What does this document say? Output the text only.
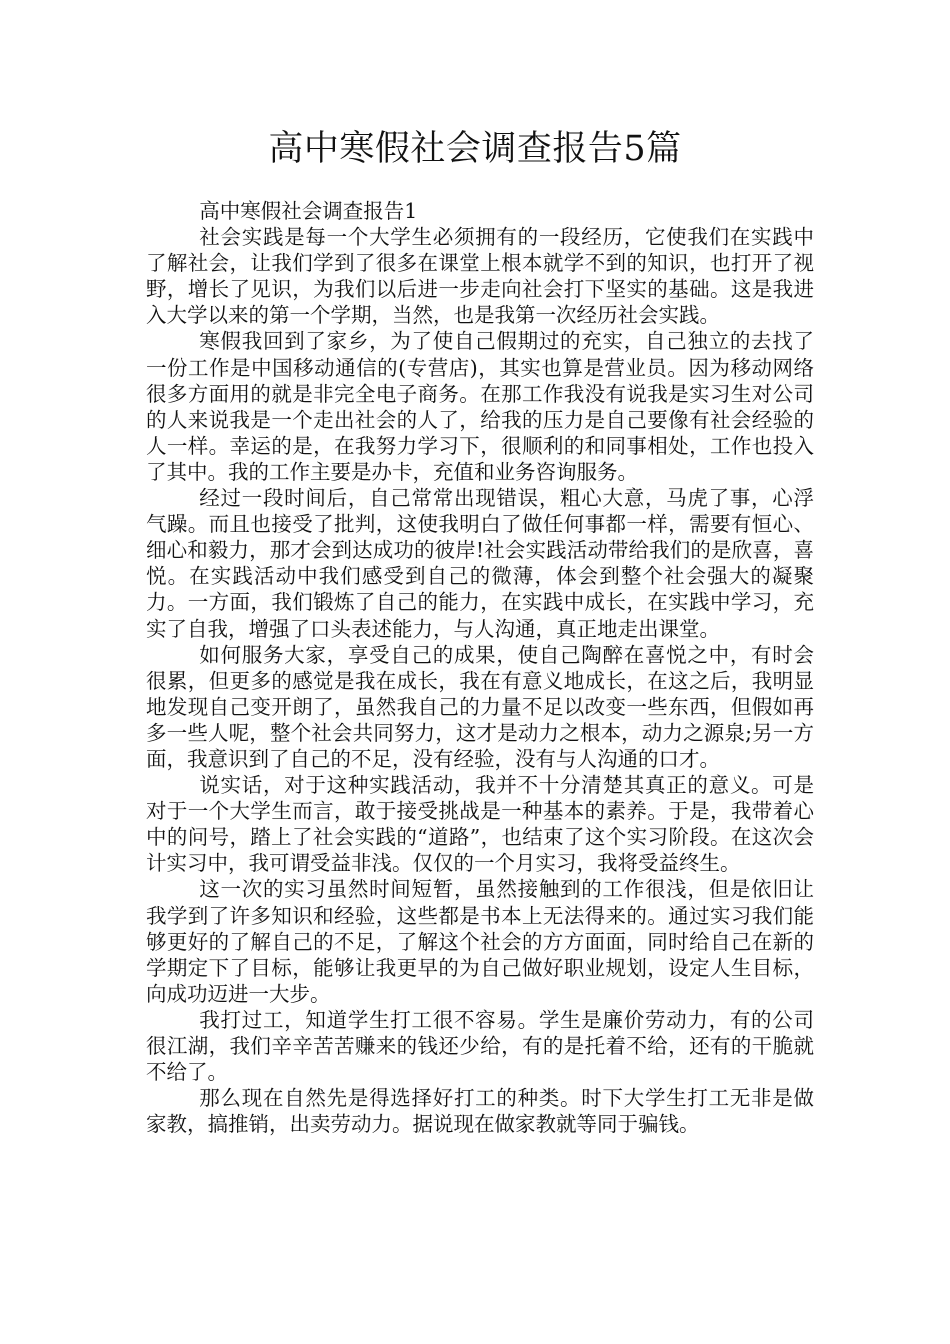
高中寒假社会调查报告5篇

高中寒假社会调查报告1

社会实践是每一个大学生必须拥有的一段经历，它使我们在实践中了解社会，让我们学到了很多在课堂上根本就学不到的知识，也打开了视野，增长了见识，为我们以后进一步走向社会打下坚实的基础。这是我进入大学以来的第一个学期，当然，也是我第一次经历社会实践。

寒假我回到了家乡，为了使自己假期过的充实，自己独立的去找了一份工作是中国移动通信的(专营店)，其实也算是营业员。因为移动网络很多方面用的就是非完全电子商务。在那工作我没有说我是实习生对公司的人来说我是一个走出社会的人了，给我的压力是自己要像有社会经验的人一样。幸运的是，在我努力学习下，很顺利的和同事相处，工作也投入了其中。我的工作主要是办卡，充值和业务咨询服务。

经过一段时间后，自己常常出现错误，粗心大意，马虎了事，心浮气躁。而且也接受了批判，这使我明白了做任何事都一样，需要有恒心、细心和毅力，那才会到达成功的彼岸!社会实践活动带给我们的是欣喜，喜悦。在实践活动中我们感受到自己的微薄，体会到整个社会强大的凝聚力。一方面，我们锻炼了自己的能力，在实践中成长，在实践中学习，充实了自我，增强了口头表述能力，与人沟通，真正地走出课堂。

如何服务大家，享受自己的成果，使自己陶醉在喜悦之中，有时会很累，但更多的感觉是我在成长，我在有意义地成长，在这之后，我明显地发现自己变开朗了，虽然我自己的力量不足以改变一些东西，但假如再多一些人呢，整个社会共同努力，这才是动力之根本，动力之源泉;另一方面，我意识到了自己的不足，没有经验，没有与人沟通的口才。

说实话，对于这种实践活动，我并不十分清楚其真正的意义。可是对于一个大学生而言，敢于接受挑战是一种基本的素养。于是，我带着心中的问号，踏上了社会实践的“道路”，也结束了这个实习阶段。在这次会计实习中，我可谓受益非浅。仅仅的一个月实习，我将受益终生。

这一次的实习虽然时间短暂，虽然接触到的工作很浅，但是依旧让我学到了许多知识和经验，这些都是书本上无法得来的。通过实习我们能够更好的了解自己的不足，了解这个社会的方方面面，同时给自己在新的学期定下了目标，能够让我更早的为自己做好职业规划，设定人生目标，向成功迈进一大步。

我打过工，知道学生打工很不容易。学生是廉价劳动力，有的公司很江湖，我们辛辛苦苦赚来的钱还少给，有的是托着不给，还有的干脆就不给了。

那么现在自然先是得选择好打工的种类。时下大学生打工无非是做家教，搞推销，出卖劳动力。据说现在做家教就等同于骗钱。
